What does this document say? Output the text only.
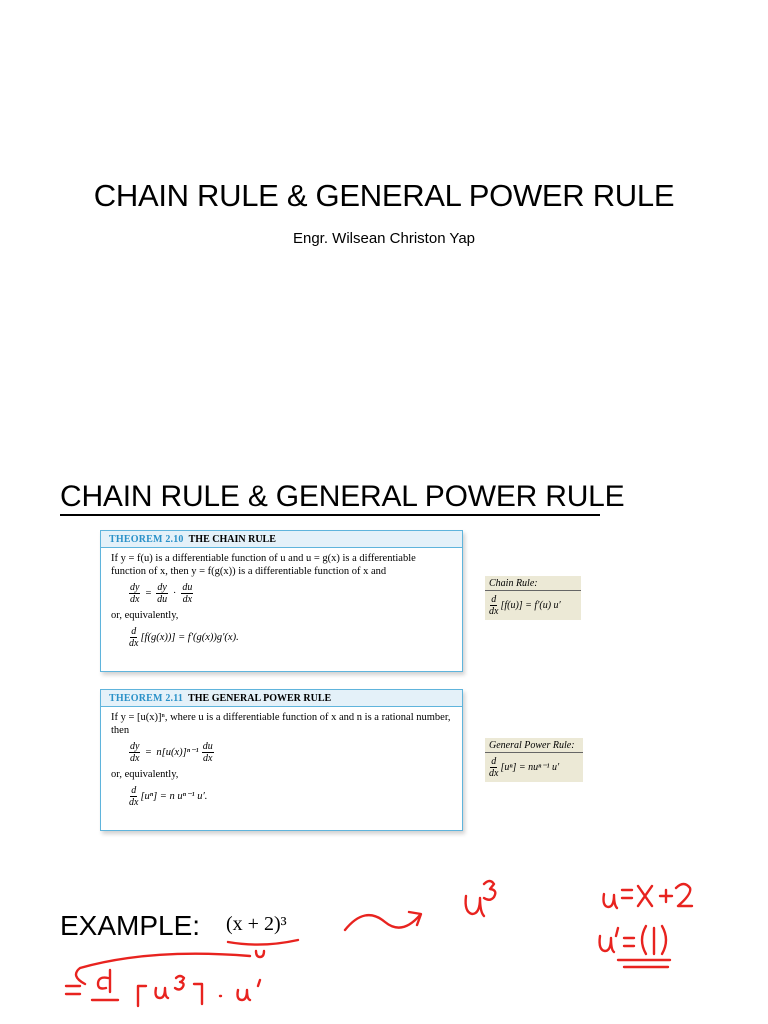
CHAIN RULE & GENERAL POWER RULE
Engr. Wilsean Christon Yap
CHAIN RULE & GENERAL POWER RULE
THEOREM 2.10 THE CHAIN RULE
If y = f(u) is a differentiable function of u and u = g(x) is a differentiable function of x, then y = f(g(x)) is a differentiable function of x and
$\frac{dy}{dx} = \frac{dy}{du} \cdot \frac{du}{dx}$
or, equivalently,
$\frac{d}{dx} [f(g(x))] = f'(g(x))g'(x)$.
Chain Rule:
$\frac{d}{dx} [f(u)] = f'(u)$ u′
THEOREM 2.11 THE GENERAL POWER RULE
If y = [u(x)]ⁿ, where u is a differentiable function of x and n is a rational number, then
$\frac{dy}{dx} = n[u(x)]^{n-1} \frac{du}{dx}$
or, equivalently,
$\frac{d}{dx} [u^n] = n$ uⁿ⁻¹ u′.
General Power Rule:
$\frac{d}{dx} [u^n] = nu^{n-1}$ u′
EXAMPLE: (x + 2)³
